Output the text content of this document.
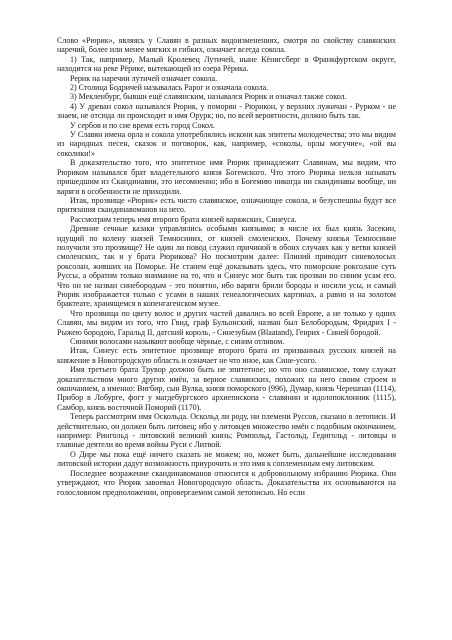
Слово «Рюрик», являясь у Славян в разных видоизменениях, смотря по свойству славянских наречий, более или менее мягких и гибких, означает всегда сокола.

1) Так, например, Малый Кролевец Лутичей, ныне Кёнигсберг в Франкфуртском округе, находится на реке Рёрике, вытекающей из озера Рёрика.

Рерик на наречии лутичей означает сокола.

2) Столица Бодричей называлась Рарог и означала сокола.

3) Мекленбург, бывши ещё славянским, назывался Рюрик и означал также сокол.

4) У древан сокол назывался Рюрик, у поморян - Рюрикон, у верхних лужичан - Рурком - не знаем, не отсюда ли происходит и имя Орурк; но, по всей вероятности, должно быть так.

У сербов и по сие время есть город Сокол.

У Славян имена орла и сокола употреблялись искони как эпитеты молодечества; это мы видим из народных песен, сказок и поговорок, как, например, «соколы, орлы могучие», «ой вы соколики!»

В доказательство того, что эпитетное имя Рюрик принадлежит Славянам, мы видим, что Рюриком назывался брат владетельного князя Богемского. Что этого Рюрика нельзя называть пришедшим из Скандинавии, это несомненно; ибо в Богемию никогда ни скандинавы вообще, ни варяги в особенности не приходили.

Итак, прозвище «Рюрик» есть чисто славянское, означающее сокола, и безуспешны будут все притязания скандинавоманов на него.

Рассмотрим теперь имя второго брата князей варяжских, Синеуса.

Древние сечные казаки управлялись особыми князьями; в числе их был князь Засекин, идущий по колену князей Темносиних, от князей смоленских. Почему князья Темносиние получили это прозвище? Не один ли повод служил причиной в обоих случаях как у ветви князей смоленских, так и у брата Рюрикова? Но посмотрим далее: Плиний приводит синеволосых роксолан, живших на Поморье. Не станем ещё доказывать здесь, что поморские роксолане суть Руссы, а обратим только внимание на то, что и Синеус мог быть так прозван по синим усам его. Что он не назван синебородым - это понятно, ибо варяги брили бороды и носили усы, и самый Рюрик изображается только с усами в наших генеалогических картинах, а равно и на золотом брактеате, хранящемся в копенгагенском музее.

Что прозвища по цвету волос и других частей давались во всей Европе, а не только у одних Славян, мы видим из того, что Гвид, граф Бульонский, назван был Белобородым, Фридрих I - Рыжею бородою, Гаральд II, датский король, - Синезубым (Blaatand), Генрих - Синей бородой.

Синими волосами называют вообще чёрные, с синим отливом.

Итак, Синеус есть эпитетное прозвище второго брата из призванных русских князей на княжение в Новогородскую область и означает не что иное, как Сине-усого.

Имя третьего брата Трувор должно быть не эпитетное; но что оно славянское, тому служат доказательством много других имён, за верное славянских, похожих на него своим строем и окончанием, а именно: Вигбир, сын Вулка, князя поморского (996), Думар, князь Черешпан (1114), Прибор в Лобурге, фогт у магдебургского архиепископа - славянин и идолопоклонник (1115), Самбор, князь восточной Поморий (1170).

Теперь рассмотрим имя Оскольда. Оскольд ли роду, ни племени Руссов, сказано в летописи. И действительно, он должен быть литовец; ибо у литовцев множество имён с подобным окончанием, например: Рингольд - литовский великий князь; Ромпольд, Гастольд, Гедигольд - литовцы и главные деятели во время войны Руси с Литвой.

О Дире мы пока ещё ничего сказать не можем; но, может быть, дальнейшие исследования литовской истории дадут возможность приурочить и это имя к соплеменным ему литовским.

Последнее возражение скандинавоманов относится к добровольному избранию Рюрика. Они утверждают, что Рюрик завоевал Новогородскую область. Доказательства их основываются на голословном предположении, опровергаемом самой летописью. Но если
